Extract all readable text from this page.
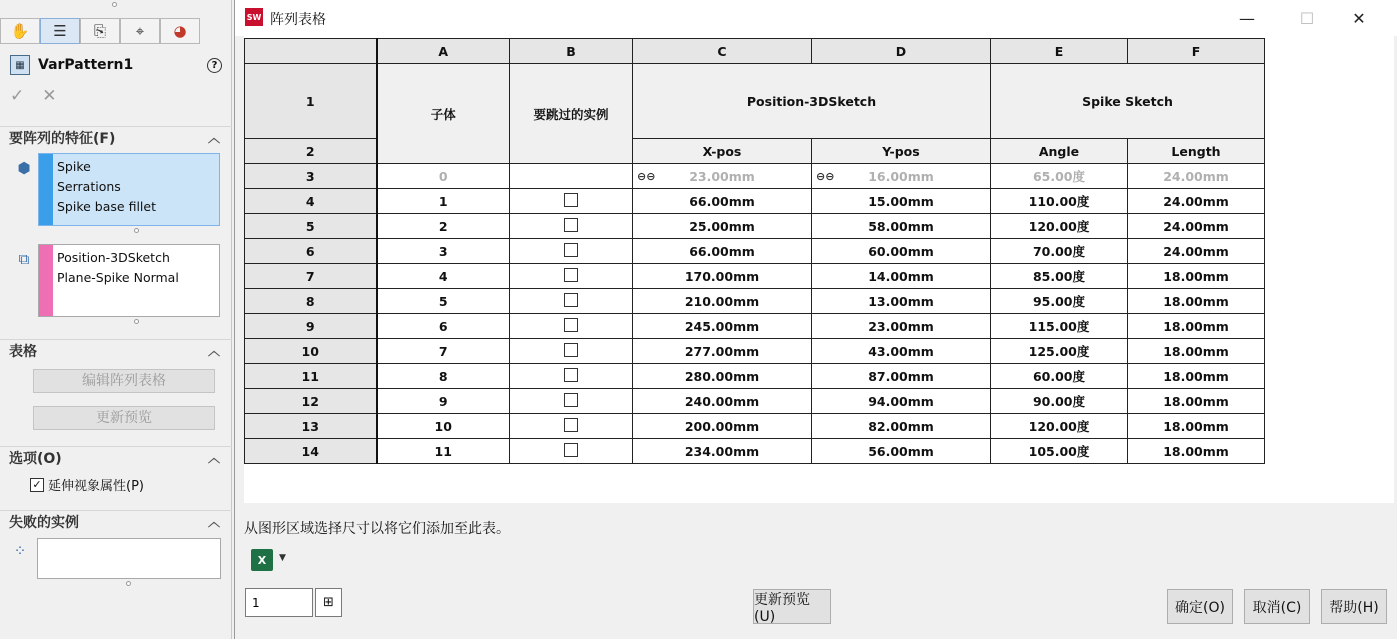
✋ ☰ ⎘ ⌖ ◕
▦ VarPattern1	?
✓ ✕
要阵列的特征(F)	︿
⬢ Spike
Serrations
Spike base fillet
⧉	Position-3DSketch
Plane-Spike Normal
表格	︿
编辑阵列表格
更新预览
选项(O)	︿
✓ 延伸视象属性(P)
失败的实例	︿
⁘
SW 阵列表格	—	☐	✕
	A	B	C	D	E	F
1	子体	要跳过的实例	Position-3DSketch		Spike Sketch	
2			X-pos	Y-pos	Angle	Length
3	0		⊖⊖ 23.00mm	⊖⊖ 16.00mm	65.00度	24.00mm
4	1		66.00mm	15.00mm	110.00度	24.00mm
5	2		25.00mm	58.00mm	120.00度	24.00mm
6	3		66.00mm	60.00mm	70.00度	24.00mm
7	4		170.00mm	14.00mm	85.00度	18.00mm
8	5		210.00mm	13.00mm	95.00度	18.00mm
9	6		245.00mm	23.00mm	115.00度	18.00mm
10	7		277.00mm	43.00mm	125.00度	18.00mm
11	8		280.00mm	87.00mm	60.00度	18.00mm
12	9		240.00mm	94.00mm	90.00度	18.00mm
13	10		200.00mm	82.00mm	120.00度	18.00mm
14	11		234.00mm	56.00mm	105.00度	18.00mm
从图形区域选择尺寸以将它们添加至此表。
X	▼
1
⊞	更新预览(U)
确定(O)	取消(C)	帮助(H)
